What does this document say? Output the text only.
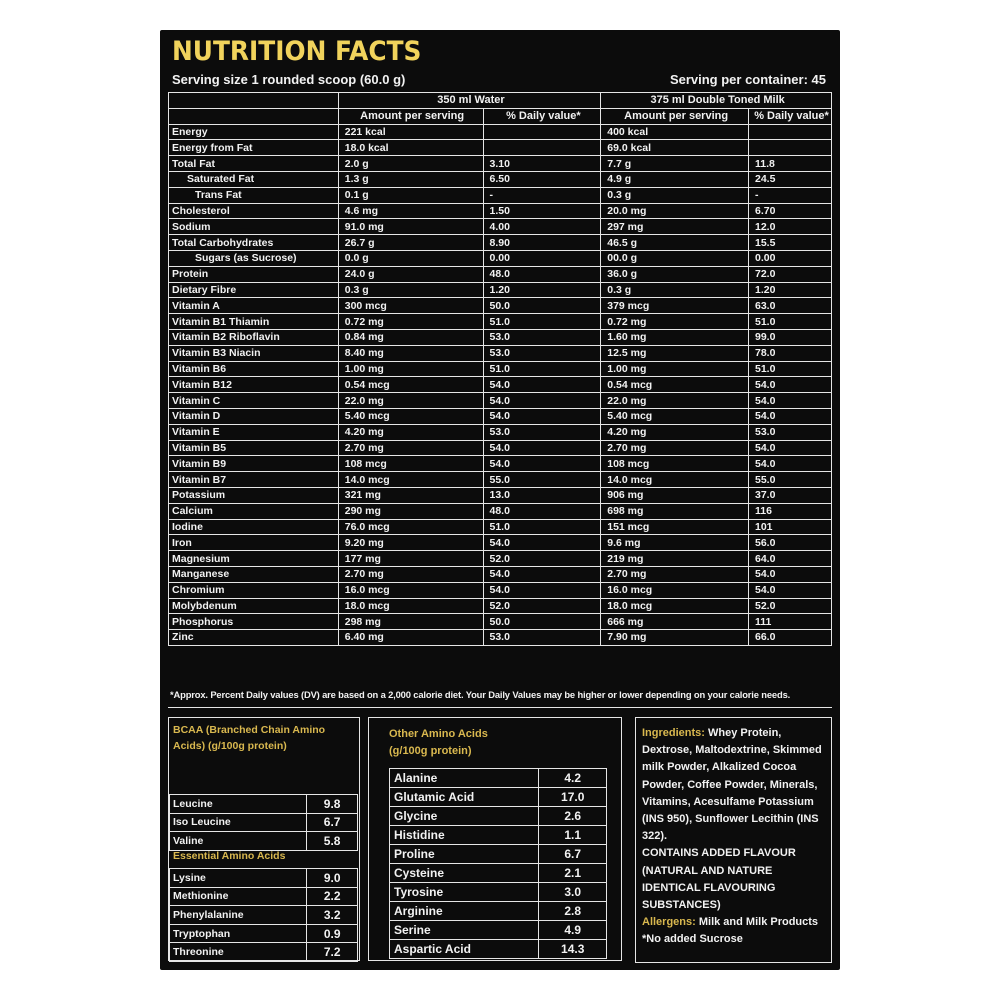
NUTRITION FACTS
Serving size 1 rounded scoop (60.0 g)	Serving per container: 45
	350 ml Water		375 ml Double Toned Milk	
	Amount per serving	% Daily value*	Amount per serving	% Daily value*
Energy	221 kcal		400 kcal	
Energy from Fat	18.0 kcal		69.0 kcal	
Total Fat	2.0 g	3.10	7.7 g	11.8
Saturated Fat	1.3 g	6.50	4.9 g	24.5
Trans Fat	0.1 g	-	0.3 g	-
Cholesterol	4.6 mg	1.50	20.0 mg	6.70
Sodium	91.0 mg	4.00	297 mg	12.0
Total Carbohydrates	26.7 g	8.90	46.5 g	15.5
Sugars (as Sucrose)	0.0 g	0.00	00.0 g	0.00
Protein	24.0 g	48.0	36.0 g	72.0
Dietary Fibre	0.3 g	1.20	0.3 g	1.20
Vitamin A	300 mcg	50.0	379 mcg	63.0
Vitamin B1 Thiamin	0.72 mg	51.0	0.72 mg	51.0
Vitamin B2 Riboflavin	0.84 mg	53.0	1.60 mg	99.0
Vitamin B3 Niacin	8.40 mg	53.0	12.5 mg	78.0
Vitamin B6	1.00 mg	51.0	1.00 mg	51.0
Vitamin B12	0.54 mcg	54.0	0.54 mcg	54.0
Vitamin C	22.0 mg	54.0	22.0 mg	54.0
Vitamin D	5.40 mcg	54.0	5.40 mcg	54.0
Vitamin E	4.20 mg	53.0	4.20 mg	53.0
Vitamin B5	2.70 mg	54.0	2.70 mg	54.0
Vitamin B9	108 mcg	54.0	108 mcg	54.0
Vitamin B7	14.0 mcg	55.0	14.0 mcg	55.0
Potassium	321 mg	13.0	906 mg	37.0
Calcium	290 mg	48.0	698 mg	116
Iodine	76.0 mcg	51.0	151 mcg	101
Iron	9.20 mg	54.0	9.6 mg	56.0
Magnesium	177 mg	52.0	219 mg	64.0
Manganese	2.70 mg	54.0	2.70 mg	54.0
Chromium	16.0 mcg	54.0	16.0 mcg	54.0
Molybdenum	18.0 mcg	52.0	18.0 mcg	52.0
Phosphorus	298 mg	50.0	666 mg	111
Zinc	6.40 mg	53.0	7.90 mg	66.0
*Approx. Percent Daily values (DV) are based on a 2,000 calorie diet. Your Daily Values may be higher or lower depending on your calorie needs.
BCAA (Branched Chain Amino Acids) (g/100g protein)
Leucine	9.8
Iso Leucine	6.7
Valine	5.8
Essential Amino Acids
Lysine	9.0
Methionine	2.2
Phenylalanine	3.2
Tryptophan	0.9
Threonine	7.2
Other Amino Acids
(g/100g protein)
Alanine	4.2
Glutamic Acid	17.0
Glycine	2.6
Histidine	1.1
Proline	6.7
Cysteine	2.1
Tyrosine	3.0
Arginine	2.8
Serine	4.9
Aspartic Acid	14.3

Ingredients: Whey Protein, Dextrose, Maltodextrine, Skimmed milk Powder, Alkalized Cocoa Powder, Coffee Powder, Minerals, Vitamins, Acesulfame Potassium (INS 950), Sunflower Lecithin (INS 322).

CONTAINS ADDED FLAVOUR (NATURAL AND NATURE IDENTICAL FLAVOURING SUBSTANCES)

Allergens: Milk and Milk Products

*No added Sucrose
